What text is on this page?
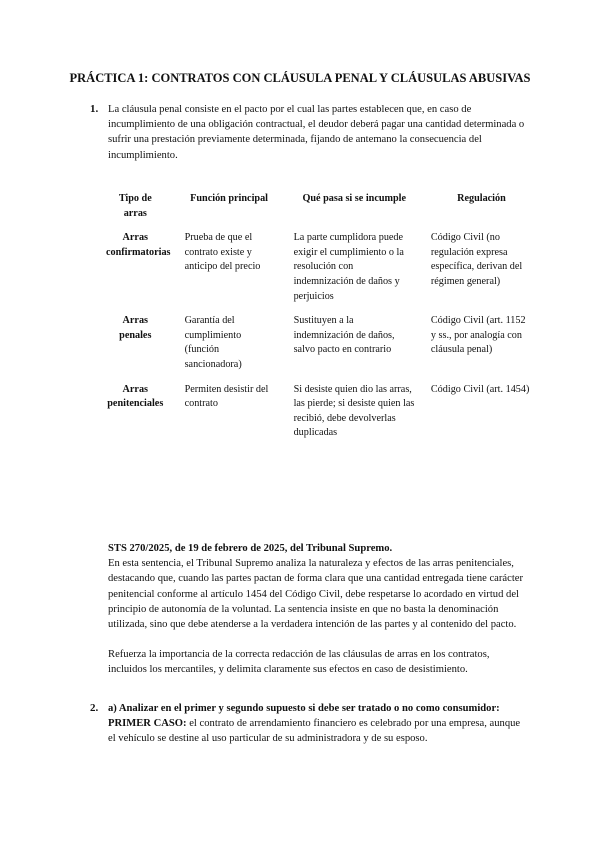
PRÁCTICA 1: CONTRATOS CON CLÁUSULA PENAL Y CLÁUSULAS ABUSIVAS
1. La cláusula penal consiste en el pacto por el cual las partes establecen que, en caso de incumplimiento de una obligación contractual, el deudor deberá pagar una cantidad determinada o sufrir una prestación previamente determinada, fijando de antemano la consecuencia del incumplimiento.
Tipo de arras	Función principal	Qué pasa si se incumple	Regulación
Arras confirmatorias	Prueba de que el contrato existe y anticipo del precio	La parte cumplidora puede exigir el cumplimiento o la resolución con indemnización de daños y perjuicios	Código Civil (no regulación expresa específica, derivan del régimen general)
Arras penales	Garantía del cumplimiento (función sancionadora)	Sustituyen a la indemnización de daños, salvo pacto en contrario	Código Civil (art. 1152 y ss., por analogía con cláusula penal)
Arras penitenciales	Permiten desistir del contrato	Si desiste quien dio las arras, las pierde; si desiste quien las recibió, debe devolverlas duplicadas	Código Civil (art. 1454)
STS 270/2025, de 19 de febrero de 2025, del Tribunal Supremo.
En esta sentencia, el Tribunal Supremo analiza la naturaleza y efectos de las arras penitenciales, destacando que, cuando las partes pactan de forma clara que una cantidad entregada tiene carácter penitencial conforme al artículo 1454 del Código Civil, debe respetarse lo acordado en virtud del principio de autonomía de la voluntad. La sentencia insiste en que no basta la denominación utilizada, sino que debe atenderse a la verdadera intención de las partes y al contenido del pacto.
Refuerza la importancia de la correcta redacción de las cláusulas de arras en los contratos, incluidos los mercantiles, y delimita claramente sus efectos en caso de desistimiento.
2. a) Analizar en el primer y segundo supuesto si debe ser tratado o no como consumidor:
PRIMER CASO: el contrato de arrendamiento financiero es celebrado por una empresa, aunque el vehículo se destine al uso particular de su administradora y de su esposo.
